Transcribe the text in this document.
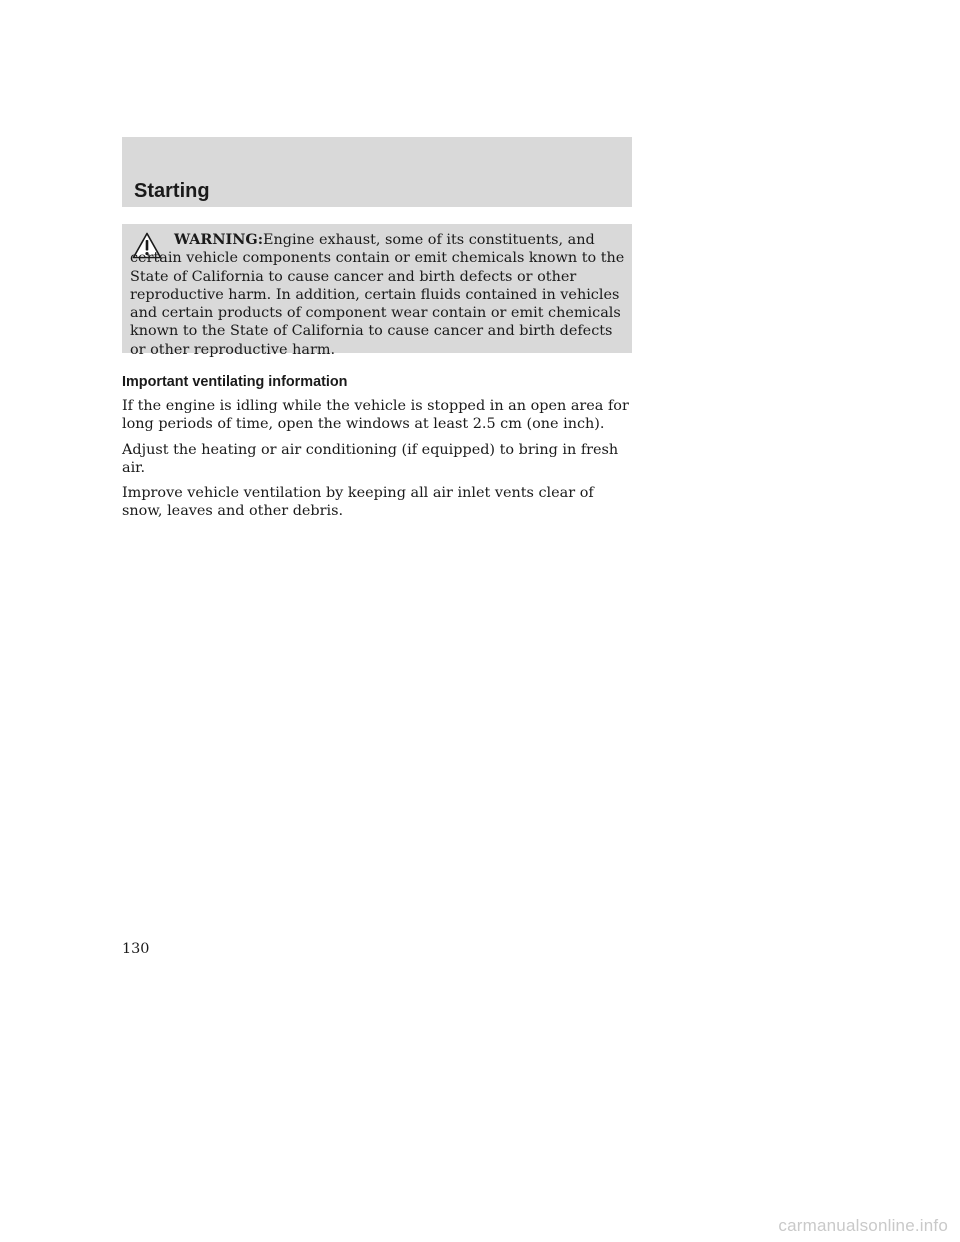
Starting

WARNING:Engine exhaust, some of its constituents, and certain vehicle components contain or emit chemicals known to the State of California to cause cancer and birth defects or other reproductive harm. In addition, certain fluids contained in vehicles and certain products of component wear contain or emit chemicals known to the State of California to cause cancer and birth defects or other reproductive harm.

Important ventilating information

If the engine is idling while the vehicle is stopped in an open area for long periods of time, open the windows at least 2.5 cm (one inch).

Adjust the heating or air conditioning (if equipped) to bring in fresh air.

Improve vehicle ventilation by keeping all air inlet vents clear of snow, leaves and other debris.

130

carmanualsonline.info
